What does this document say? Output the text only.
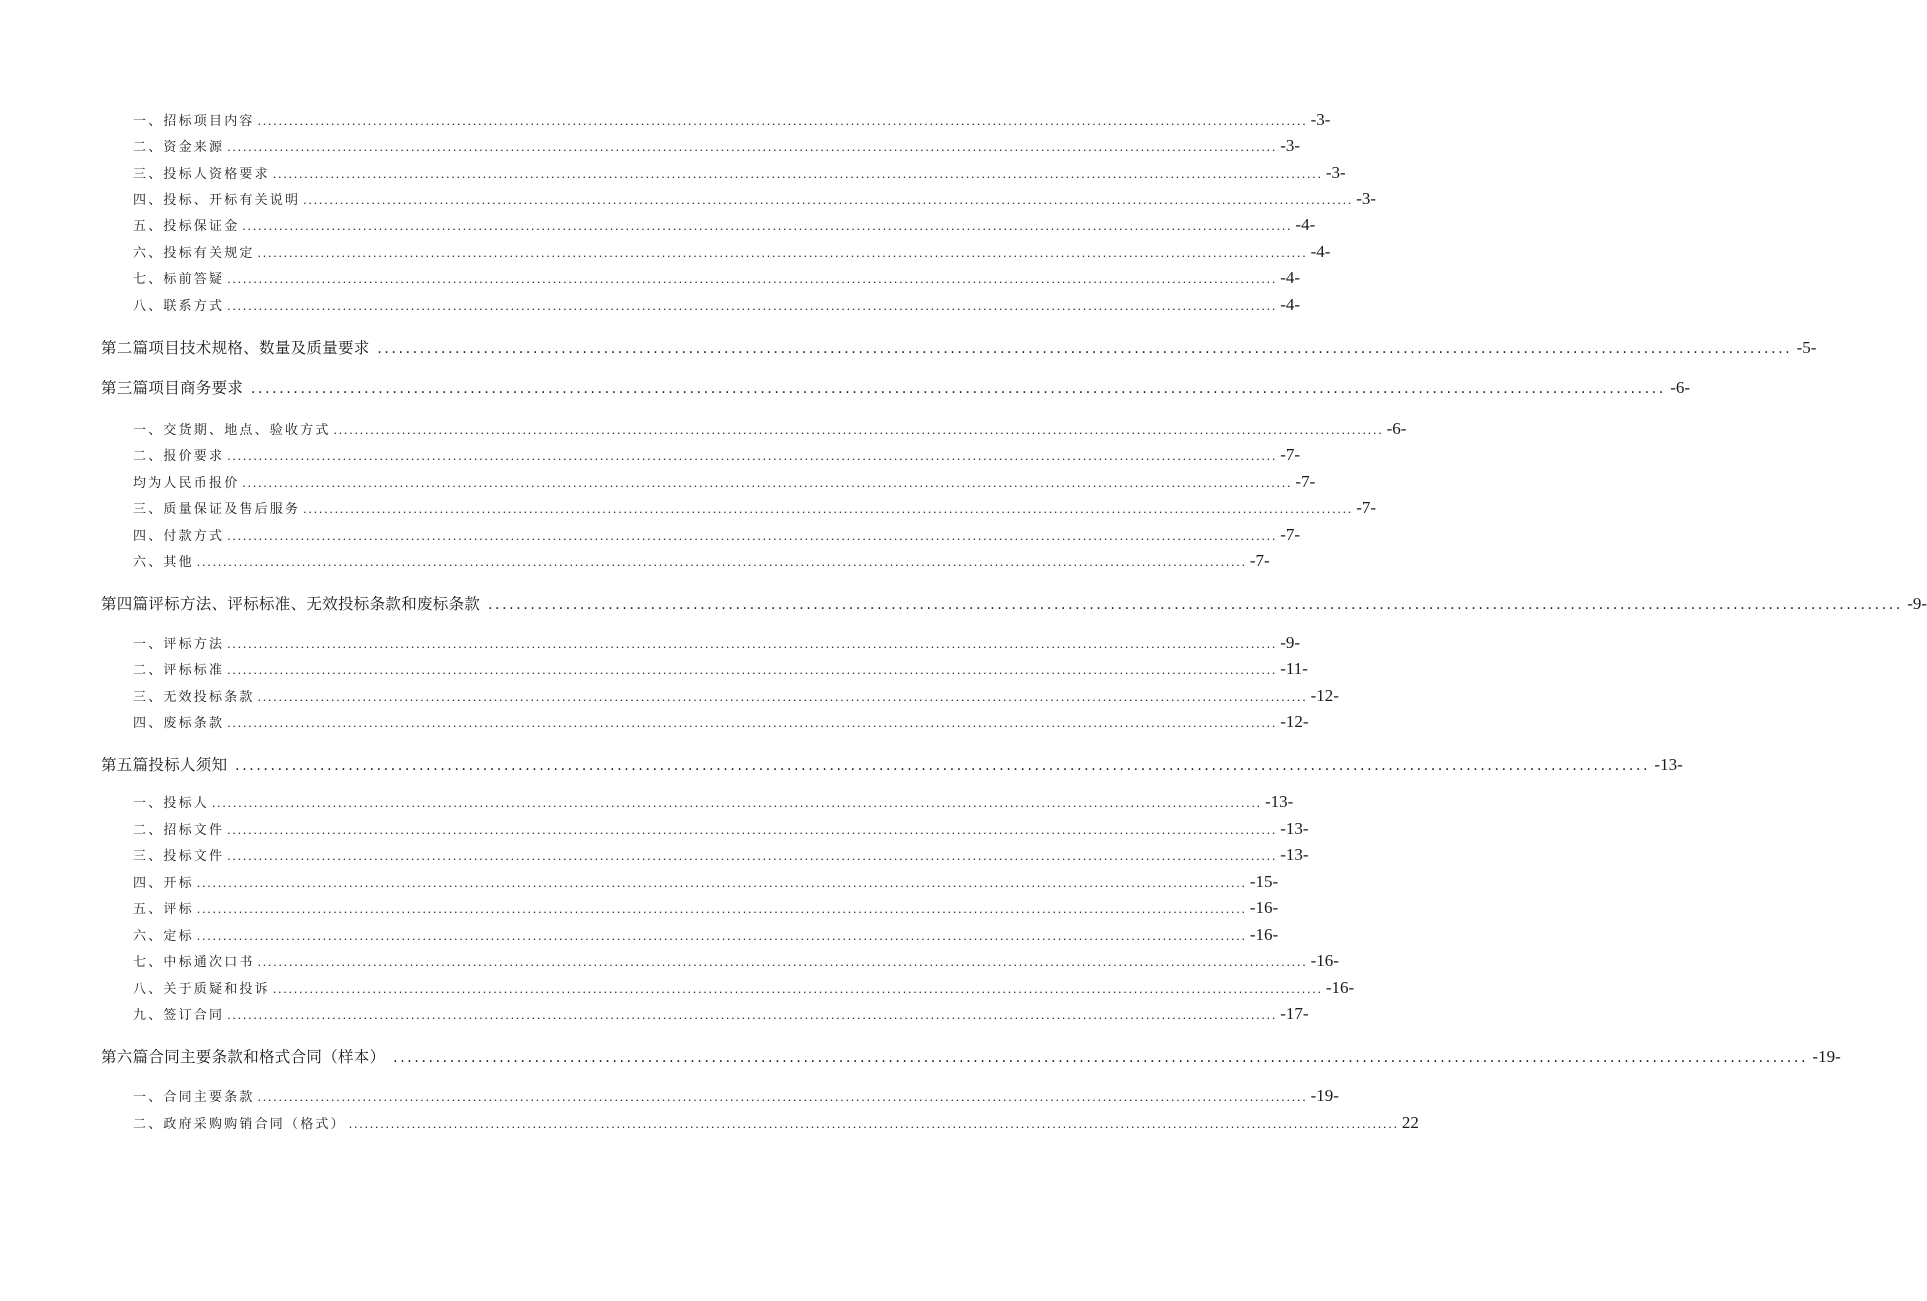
一、招标项目内容 ........................................................................................................................................................................................................ -3-
二、资金来源 ........................................................................................................................................................................................................ -3-
三、投标人资格要求 ........................................................................................................................................................................................................ -3-
四、投标、开标有关说明 ........................................................................................................................................................................................................ -3-
五、投标保证金 ........................................................................................................................................................................................................ -4-
六、投标有关规定 ........................................................................................................................................................................................................ -4-
七、标前答疑 ........................................................................................................................................................................................................ -4-
八、联系方式 ........................................................................................................................................................................................................ -4-
第二篇项目技术规格、数量及质量要求 ........................................................................................................................................................................................................ -5-
第三篇项目商务要求 ........................................................................................................................................................................................................ -6-
一、交货期、地点、验收方式 ........................................................................................................................................................................................................ -6-
二、报价要求 ........................................................................................................................................................................................................ -7-
均为人民币报价 ........................................................................................................................................................................................................ -7-
三、质量保证及售后服务 ........................................................................................................................................................................................................ -7-
四、付款方式 ........................................................................................................................................................................................................ -7-
六、其他 ........................................................................................................................................................................................................ -7-
第四篇评标方法、评标标准、无效投标条款和废标条款 ........................................................................................................................................................................................................ -9-
一、评标方法 ........................................................................................................................................................................................................ -9-
二、评标标准 ........................................................................................................................................................................................................ -11-
三、无效投标条款 ........................................................................................................................................................................................................ -12-
四、废标条款 ........................................................................................................................................................................................................ -12-
第五篇投标人须知 ........................................................................................................................................................................................................ -13-
一、投标人 ........................................................................................................................................................................................................ -13-
二、招标文件 ........................................................................................................................................................................................................ -13-
三、投标文件 ........................................................................................................................................................................................................ -13-
四、开标 ........................................................................................................................................................................................................ -15-
五、评标 ........................................................................................................................................................................................................ -16-
六、定标 ........................................................................................................................................................................................................ -16-
七、中标通次口书 ........................................................................................................................................................................................................ -16-
八、关于质疑和投诉 ........................................................................................................................................................................................................ -16-
九、签订合同 ........................................................................................................................................................................................................ -17-
第六篇合同主要条款和格式合同（样本） ........................................................................................................................................................................................................ -19-
一、合同主要条款 ........................................................................................................................................................................................................ -19-
二、政府采购购销合同（格式） ........................................................................................................................................................................................................ 22
